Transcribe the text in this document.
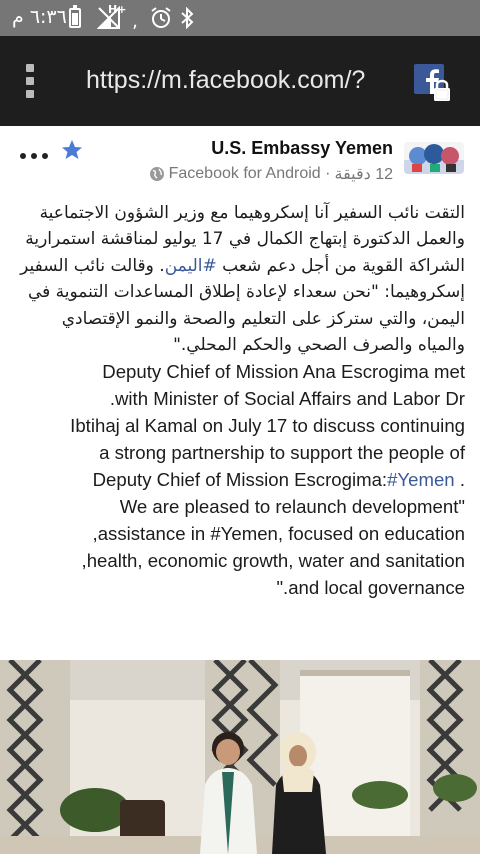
٦:٣٦ م	H+
,
https://m.facebook.com/?
U.S. Embassy Yemen
Facebook for Android · 12 دقيقة
التقت نائب السفير آنا إسكروهيما مع وزير الشؤون الاجتماعية والعمل الدكتورة إبتهاج الكمال في 17 يوليو لمناقشة استمرارية الشراكة القوية من أجل دعم شعب #اليمن. وقالت نائب السفير إسكروهيما: "نحن سعداء لإعادة إطلاق المساعدات التنموية في اليمن، والتي ستركز على التعليم والصحة والنمو الإقتصادي والمياه والصرف الصحي والحكم المحلي."

Deputy Chief of Mission Ana Escrogima met

with Minister of Social Affairs and Labor Dr.

Ibtihaj al Kamal on July 17 to discuss continuing

a strong partnership to support the people of

. Deputy Chief of Mission Escrogima:#Yemen

"We are pleased to relaunch development

assistance in #Yemen, focused on education,

health, economic growth, water and sanitation,

and local governance."
